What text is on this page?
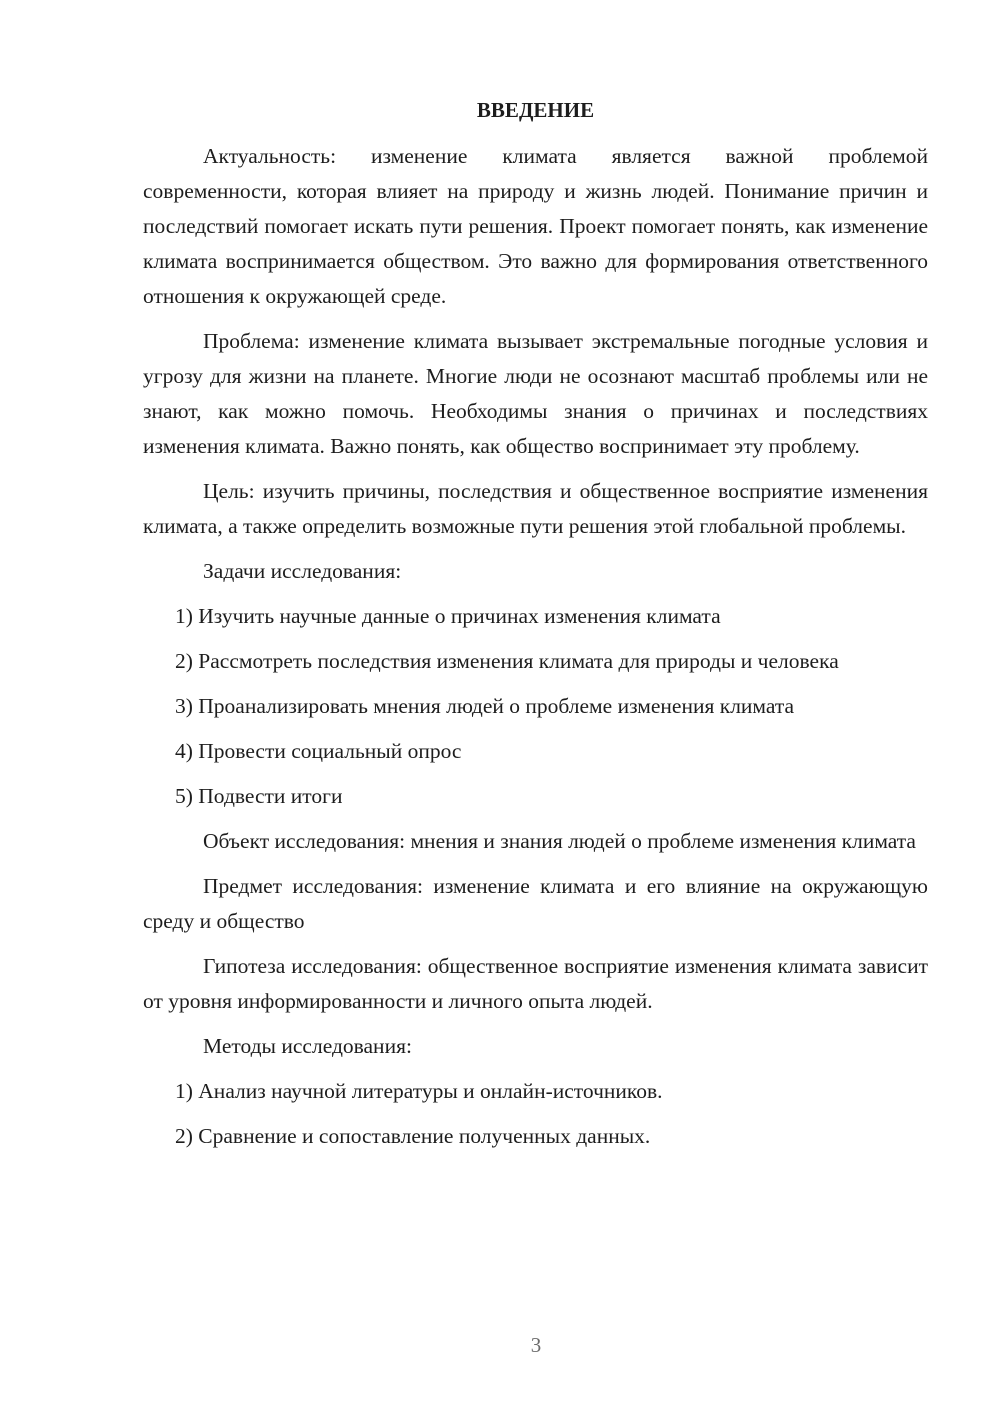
ВВЕДЕНИЕ

Актуальность: изменение климата является важной проблемой современности, которая влияет на природу и жизнь людей. Понимание причин и последствий помогает искать пути решения. Проект помогает понять, как изменение климата воспринимается обществом. Это важно для формирования ответственного отношения к окружающей среде.

Проблема: изменение климата вызывает экстремальные погодные условия и угрозу для жизни на планете. Многие люди не осознают масштаб проблемы или не знают, как можно помочь. Необходимы знания о причинах и последствиях изменения климата. Важно понять, как общество воспринимает эту проблему.

Цель: изучить причины, последствия и общественное восприятие изменения климата, а также определить возможные пути решения этой глобальной проблемы.

Задачи исследования:

1) Изучить научные данные о причинах изменения климата

2) Рассмотреть последствия изменения климата для природы и человека

3) Проанализировать мнения людей о проблеме изменения климата

4) Провести социальный опрос

5) Подвести итоги

Объект исследования: мнения и знания людей о проблеме изменения климата

Предмет исследования: изменение климата и его влияние на окружающую среду и общество

Гипотеза исследования: общественное восприятие изменения климата зависит от уровня информированности и личного опыта людей.

Методы исследования:

1) Анализ научной литературы и онлайн-источников.

2) Сравнение и сопоставление полученных данных.

3
